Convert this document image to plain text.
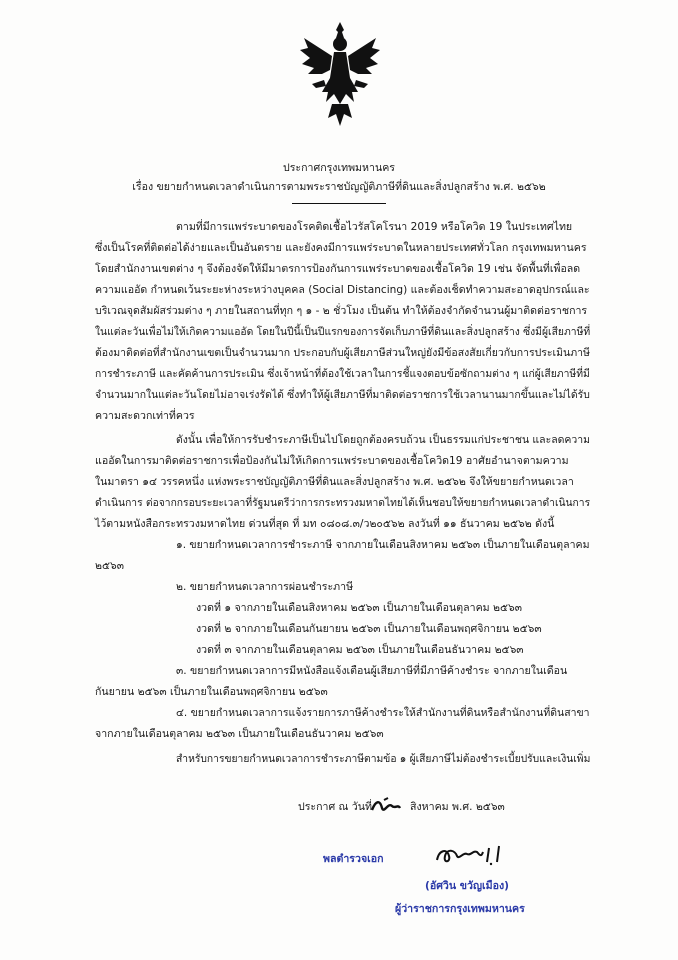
ประกาศกรุงเทพมหานคร
เรื่อง ขยายกำหนดเวลาดำเนินการตามพระราชบัญญัติภาษีที่ดินและสิ่งปลูกสร้าง พ.ศ. ๒๕๖๒
ตามที่มีการแพร่ระบาดของโรคติดเชื้อไวรัสโคโรนา 2019 หรือโควิด 19 ในประเทศไทย
ซึ่งเป็นโรคที่ติดต่อได้ง่ายและเป็นอันตราย และยังคงมีการแพร่ระบาดในหลายประเทศทั่วโลก กรุงเทพมหานคร
โดยสำนักงานเขตต่าง ๆ จึงต้องจัดให้มีมาตรการป้องกันการแพร่ระบาดของเชื้อโควิด 19 เช่น จัดพื้นที่เพื่อลด
ความแออัด กำหนดเว้นระยะห่างระหว่างบุคคล (Social Distancing) และต้องเช็ดทำความสะอาดอุปกรณ์และ
บริเวณจุดสัมผัสร่วมต่าง ๆ ภายในสถานที่ทุก ๆ ๑ - ๒ ชั่วโมง เป็นต้น ทำให้ต้องจำกัดจำนวนผู้มาติดต่อราชการ
ในแต่ละวันเพื่อไม่ให้เกิดความแออัด โดยในปีนี้เป็นปีแรกของการจัดเก็บภาษีที่ดินและสิ่งปลูกสร้าง ซึ่งมีผู้เสียภาษีที่
ต้องมาติดต่อที่สำนักงานเขตเป็นจำนวนมาก ประกอบกับผู้เสียภาษีส่วนใหญ่ยังมีข้อสงสัยเกี่ยวกับการประเมินภาษี
การชำระภาษี และคัดค้านการประเมิน ซึ่งเจ้าหน้าที่ต้องใช้เวลาในการชี้แจงตอบข้อซักถามต่าง ๆ แก่ผู้เสียภาษีที่มี
จำนวนมากในแต่ละวันโดยไม่อาจเร่งรัดได้ ซึ่งทำให้ผู้เสียภาษีที่มาติดต่อราชการใช้เวลานานมากขึ้นและไม่ได้รับ
ความสะดวกเท่าที่ควร
ดังนั้น เพื่อให้การรับชำระภาษีเป็นไปโดยถูกต้องครบถ้วน เป็นธรรมแก่ประชาชน และลดความ
แออัดในการมาติดต่อราชการเพื่อป้องกันไม่ให้เกิดการแพร่ระบาดของเชื้อโควิด19 อาศัยอำนาจตามความ
ในมาตรา ๑๔ วรรคหนึ่ง แห่งพระราชบัญญัติภาษีที่ดินและสิ่งปลูกสร้าง พ.ศ. ๒๕๖๒ จึงให้ขยายกำหนดเวลา
ดำเนินการ ต่อจากกรอบระยะเวลาที่รัฐมนตรีว่าการกระทรวงมหาดไทยได้เห็นชอบให้ขยายกำหนดเวลาดำเนินการ
ไว้ตามหนังสือกระทรวงมหาดไทย ด่วนที่สุด ที่ มท ๐๘๐๘.๓/ว๒๐๕๖๒ ลงวันที่ ๑๑ ธันวาคม ๒๕๖๒ ดังนี้
๑. ขยายกำหนดเวลาการชำระภาษี จากภายในเดือนสิงหาคม ๒๕๖๓ เป็นภายในเดือนตุลาคม
๒๕๖๓
๒. ขยายกำหนดเวลาการผ่อนชำระภาษี
งวดที่ ๑ จากภายในเดือนสิงหาคม ๒๕๖๓ เป็นภายในเดือนตุลาคม ๒๕๖๓
งวดที่ ๒ จากภายในเดือนกันยายน ๒๕๖๓ เป็นภายในเดือนพฤศจิกายน ๒๕๖๓
งวดที่ ๓ จากภายในเดือนตุลาคม ๒๕๖๓ เป็นภายในเดือนธันวาคม ๒๕๖๓
๓. ขยายกำหนดเวลาการมีหนังสือแจ้งเตือนผู้เสียภาษีที่มีภาษีค้างชำระ จากภายในเดือน
กันยายน ๒๕๖๓ เป็นภายในเดือนพฤศจิกายน ๒๕๖๓
๔. ขยายกำหนดเวลาการแจ้งรายการภาษีค้างชำระให้สำนักงานที่ดินหรือสำนักงานที่ดินสาขา
จากภายในเดือนตุลาคม ๒๕๖๓ เป็นภายในเดือนธันวาคม ๒๕๖๓
สำหรับการขยายกำหนดเวลาการชำระภาษีตามข้อ ๑ ผู้เสียภาษีไม่ต้องชำระเบี้ยปรับและเงินเพิ่ม
ประกาศ ณ วันที่	สิงหาคม พ.ศ. ๒๕๖๓
พลตำรวจเอก
(อัศวิน ขวัญเมือง)
ผู้ว่าราชการกรุงเทพมหานคร
